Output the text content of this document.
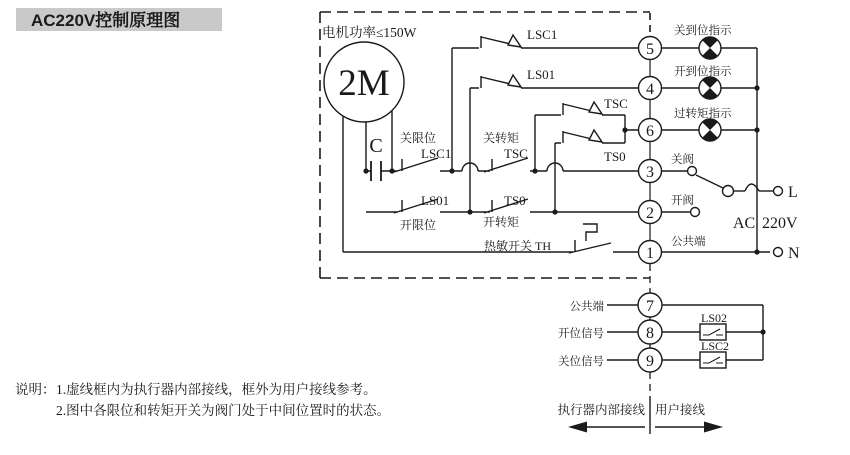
AC220V控制原理图
2M
C
电机功率≤150W
关限位
LSC1
LS01
开限位
关转矩
TSC
TS0
开转矩
LSC1
LS01
TSC
TS0
热敏开关 TH
5
4
6
3
2
1
关到位指示
开到位指示
过转矩指示
关阀
开阀
公共端
AC 220V
L
N
7
8
9
公共端
开位信号
关位信号
LS02
LSC2
执行器内部接线 用户接线
说明： 1.虚线框内为执行器内部接线，框外为用户接线参考。
2.图中各限位和转矩开关为阀门处于中间位置时的状态。
